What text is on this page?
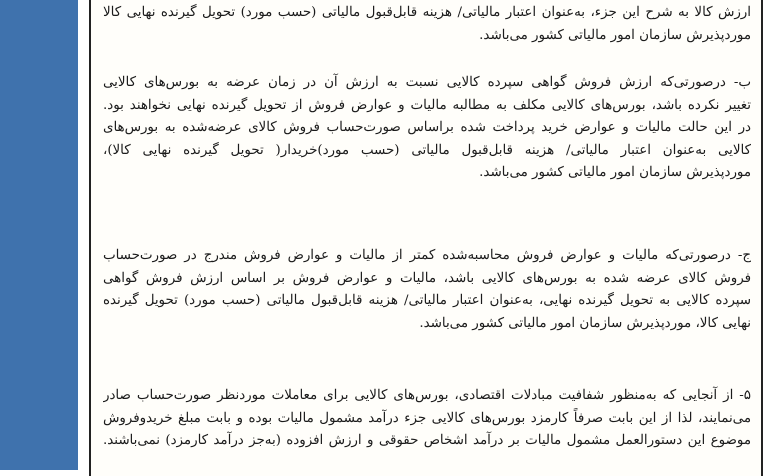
ارزش کالا به شرح این جزء، به‌عنوان اعتبار مالیاتی/ هزینه قابل‌قبول مالیاتی (حسب مورد) تحویل گیرنده نهایی کالا
موردپذیرش سازمان امور مالیاتی کشور می‌باشد.
ب- درصورتی‌که ارزش فروش گواهی سپرده کالایی نسبت به ارزش آن در زمان عرضه به بورس‌های کالایی
تغییر نکرده باشد، بورس‌های کالایی مکلف به مطالبه مالیات و عوارض فروش از تحویل گیرنده نهایی نخواهند بود.
در این حالت مالیات و عوارض خرید پرداخت شده براساس صورت‌حساب فروش کالای عرضه‌شده به بورس‌های
کالایی به‌عنوان اعتبار مالیاتی/ هزینه قابل‌قبول مالیاتی (حسب مورد)خریدار( تحویل گیرنده نهایی کالا)،
موردپذیرش سازمان امور مالیاتی کشور می‌باشد.
ج- درصورتی‌که مالیات و عوارض فروش محاسبه‌شده کمتر از مالیات و عوارض فروش مندرج در صورت‌حساب
فروش کالای عرضه شده به بورس‌های کالایی باشد، مالیات و عوارض فروش بر اساس ارزش فروش گواهی
سپرده کالایی به تحویل گیرنده نهایی، به‌عنوان اعتبار مالیاتی/ هزینه قابل‌قبول مالیاتی (حسب مورد) تحویل گیرنده
نهایی کالا، موردپذیرش سازمان امور مالیاتی کشور می‌باشد.
۵- از آنجایی که به‌منظور شفافیت مبادلات اقتصادی، بورس‌های کالایی برای معاملات موردنظر صورت‌حساب صادر
می‌نمایند، لذا از این بابت صرفاً کارمزد بورس‌های کالایی جزء درآمد مشمول مالیات بوده و بابت مبلغ خریدوفروش
موضوع این دستورالعمل مشمول مالیات بر درآمد اشخاص حقوقی و ارزش افزوده (به‌جز درآمد کارمزد) نمی‌باشند.
